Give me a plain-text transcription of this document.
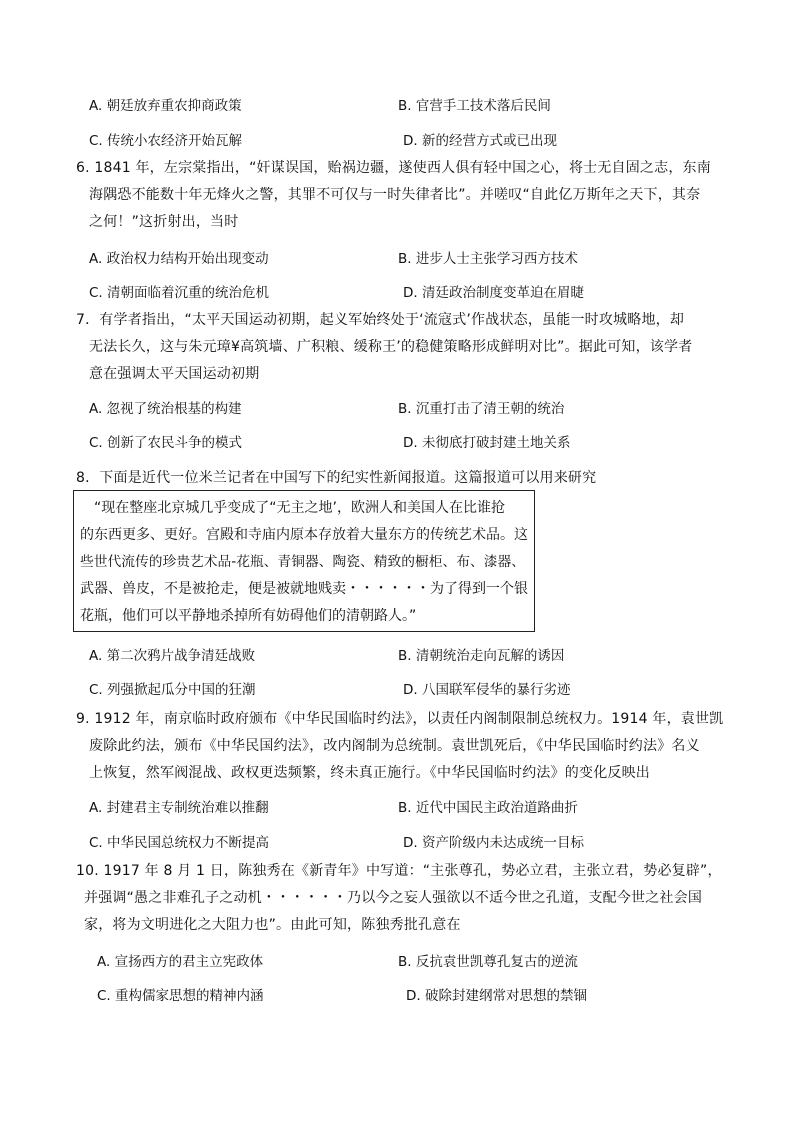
A. 朝廷放弃重农抑商政策	B. 官营手工技术落后民间
C. 传统小农经济开始瓦解	D. 新的经营方式或已出现
6. 1841 年，左宗棠指出，“奸谋误国，贻祸边疆，遂使西人俱有轻中国之心，将士无自固之志，东南
海隅恐不能数十年无烽火之警，其罪不可仅与一时失律者比”。并嗟叹“自此亿万斯年之天下，其奈
之何！”这折射出，当时
A. 政治权力结构开始出现变动	B. 进步人士主张学习西方技术
C. 清朝面临着沉重的统治危机	D. 清廷政治制度变革迫在眉睫
7．有学者指出，“太平天国运动初期，起义军始终处于‘流寇式’作战状态，虽能一时攻城略地，却
无法长久，这与朱元璋¥高筑墙、广积粮、缓称王’的稳健策略形成鲜明对比”。据此可知，该学者
意在强调太平天国运动初期
A. 忽视了统治根基的构建	B. 沉重打击了清王朝的统治
C. 创新了农民斗争的模式	D. 未彻底打破封建土地关系
8．下面是近代一位米兰记者在中国写下的纪实性新闻报道。这篇报道可以用来研究
“现在整座北京城几乎变成了“无主之地’，欧洲人和美国人在比谁抢
的东西更多、更好。宫殿和寺庙内原本存放着大量东方的传统艺术品。这
些世代流传的珍贵艺术品-花瓶、青铜器、陶瓷、精致的橱柜、布、漆器、
武器、兽皮，不是被抢走，便是被就地贱卖・・・・・・为了得到一个银
花瓶，他们可以平静地杀掉所有妨碍他们的清朝路人。”
A. 第二次鸦片战争清廷战败	B. 清朝统治走向瓦解的诱因
C. 列强掀起瓜分中国的狂潮	D. 八国联军侵华的暴行劣迹
9. 1912 年，南京临时政府颁布《中华民国临时约法》，以责任内阁制限制总统权力。1914 年，袁世凯
废除此约法，颁布《中华民国约法》，改内阁制为总统制。袁世凯死后，《中华民国临时约法》名义
上恢复，然军阀混战、政权更迭频繁，终未真正施行。《中华民国临时约法》的变化反映出
A. 封建君主专制统治难以推翻	B. 近代中国民主政治道路曲折
C. 中华民国总统权力不断提高	D. 资产阶级内未达成统一目标
10. 1917 年 8 月 1 日，陈独秀在《新青年》中写道：“主张尊孔，势必立君，主张立君，势必复辟”，
并强调“愚之非难孔子之动机・・・・・・乃以今之妄人强欲以不适今世之孔道，支配今世之社会国
家，将为文明进化之大阻力也”。由此可知，陈独秀批孔意在
A. 宣扬西方的君主立宪政体	B. 反抗袁世凯尊孔复古的逆流
C. 重构儒家思想的精神内涵	D. 破除封建纲常对思想的禁锢
